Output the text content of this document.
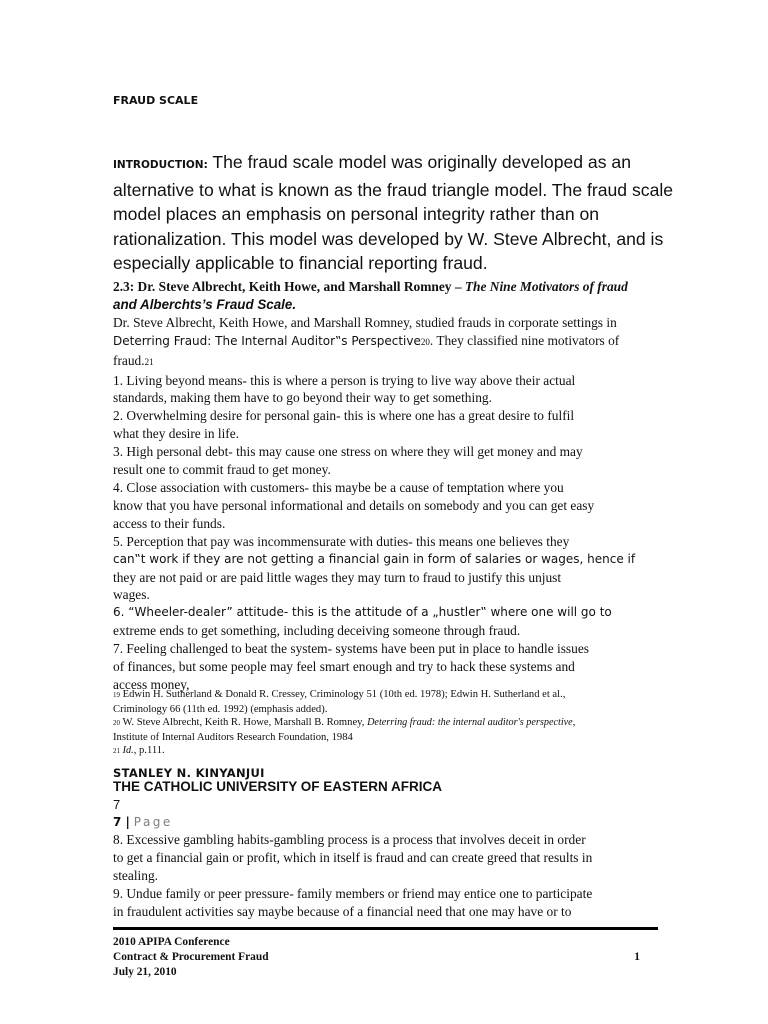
FRAUD SCALE
INTRODUCTION: The fraud scale model was originally developed as an
alternative to what is known as the fraud triangle model. The fraud scale
model places an emphasis on personal integrity rather than on
rationalization. This model was developed by W. Steve Albrecht, and is
especially applicable to financial reporting fraud.

2.3: Dr. Steve Albrecht, Keith Howe, and Marshall Romney – The Nine Motivators of fraud

and Alberchts’s Fraud Scale.

Dr. Steve Albrecht, Keith Howe, and Marshall Romney, studied frauds in corporate settings in

Deterring Fraud: The Internal Auditor‟s Perspective20. They classified nine motivators of

fraud.21

1. Living beyond means- this is where a person is trying to live way above their actual

standards, making them have to go beyond their way to get something.

2. Overwhelming desire for personal gain- this is where one has a great desire to fulfil

what they desire in life.

3. High personal debt- this may cause one stress on where they will get money and may

result one to commit fraud to get money.

4. Close association with customers- this maybe be a cause of temptation where you

know that you have personal informational and details on somebody and you can get easy

access to their funds.

5. Perception that pay was incommensurate with duties- this means one believes they

can‟t work if they are not getting a financial gain in form of salaries or wages, hence if

they are not paid or are paid little wages they may turn to fraud to justify this unjust

wages.

6. “Wheeler-dealer” attitude- this is the attitude of a „hustler‟ where one will go to

extreme ends to get something, including deceiving someone through fraud.

7. Feeling challenged to beat the system- systems have been put in place to handle issues

of finances, but some people may feel smart enough and try to hack these systems and

access money,

19 Edwin H. Sutherland & Donald R. Cressey, Criminology 51 (10th ed. 1978); Edwin H. Sutherland et al.,

Criminology 66 (11th ed. 1992) (emphasis added).

20 W. Steve Albrecht, Keith R. Howe, Marshall B. Romney, Deterring fraud: the internal auditor's perspective,

Institute of Internal Auditors Research Foundation, 1984

21 Id., p.111.

STANLEY N. KINYANJUI
THE CATHOLIC UNIVERSITY OF EASTERN AFRICA
7
7 | Page

8. Excessive gambling habits-gambling process is a process that involves deceit in order

to get a financial gain or profit, which in itself is fraud and can create greed that results in

stealing.

9. Undue family or peer pressure- family members or friend may entice one to participate

in fraudulent activities say maybe because of a financial need that one may have or to

2010 APIPA Conference
Contract & Procurement Fraud
July 21, 2010
1
